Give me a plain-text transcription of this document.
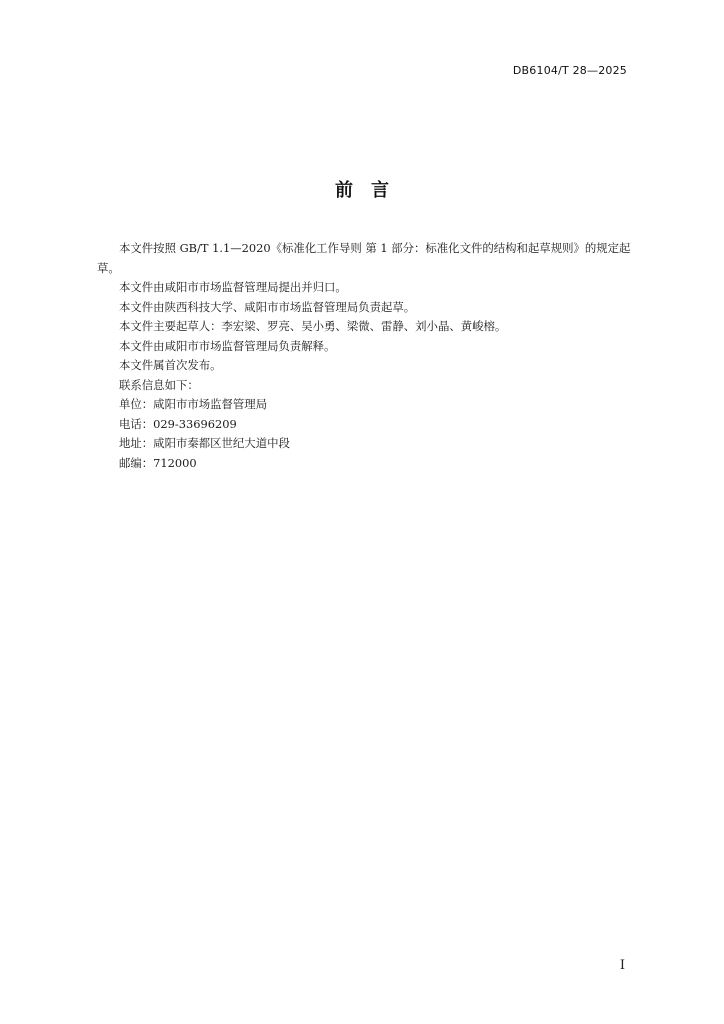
DB6104/T 28—2025
前言

本文件按照 GB/T 1.1—2020《标准化工作导则 第 1 部分：标准化文件的结构和起草规则》的规定起草。

本文件由咸阳市市场监督管理局提出并归口。

本文件由陕西科技大学、咸阳市市场监督管理局负责起草。

本文件主要起草人：李宏梁、罗亮、吴小勇、梁微、雷静、刘小晶、黄峻榕。

本文件由咸阳市市场监督管理局负责解释。

本文件属首次发布。

联系信息如下：

单位：咸阳市市场监督管理局

电话：029-33696209

地址：咸阳市秦都区世纪大道中段

邮编：712000

I
